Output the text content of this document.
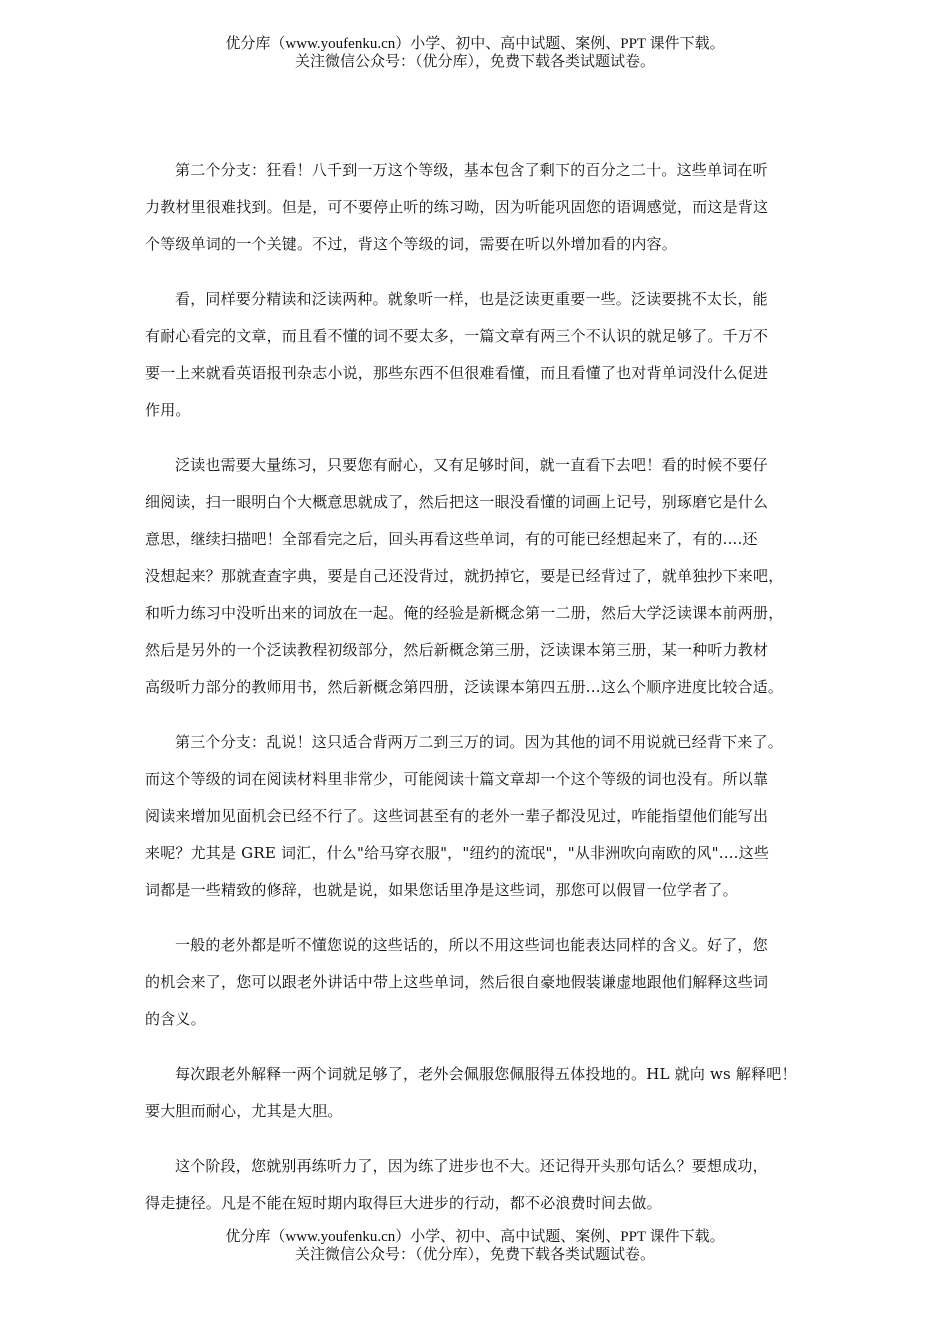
优分库（www.youfenku.cn）小学、初中、高中试题、案例、PPT 课件下载。
关注微信公众号：（优分库），免费下载各类试题试卷。

第二个分支：狂看！八千到一万这个等级，基本包含了剩下的百分之二十。这些单词在听
力教材里很难找到。但是，可不要停止听的练习呦，因为听能巩固您的语调感觉，而这是背这
个等级单词的一个关键。不过，背这个等级的词，需要在听以外增加看的内容。

看，同样要分精读和泛读两种。就象听一样，也是泛读更重要一些。泛读要挑不太长，能
有耐心看完的文章，而且看不懂的词不要太多，一篇文章有两三个不认识的就足够了。千万不
要一上来就看英语报刊杂志小说，那些东西不但很难看懂，而且看懂了也对背单词没什么促进
作用。

泛读也需要大量练习，只要您有耐心，又有足够时间，就一直看下去吧！看的时候不要仔
细阅读，扫一眼明白个大概意思就成了，然后把这一眼没看懂的词画上记号，别琢磨它是什么
意思，继续扫描吧！全部看完之后，回头再看这些单词，有的可能已经想起来了，有的....还
没想起来？那就查查字典，要是自己还没背过，就扔掉它，要是已经背过了，就单独抄下来吧，
和听力练习中没听出来的词放在一起。俺的经验是新概念第一二册，然后大学泛读课本前两册，
然后是另外的一个泛读教程初级部分，然后新概念第三册，泛读课本第三册，某一种听力教材
高级听力部分的教师用书，然后新概念第四册，泛读课本第四五册...这么个顺序进度比较合适。

第三个分支：乱说！这只适合背两万二到三万的词。因为其他的词不用说就已经背下来了。
而这个等级的词在阅读材料里非常少，可能阅读十篇文章却一个这个等级的词也没有。所以靠
阅读来增加见面机会已经不行了。这些词甚至有的老外一辈子都没见过，咋能指望他们能写出
来呢？尤其是 GRE 词汇，什么"给马穿衣服"，"纽约的流氓"，"从非洲吹向南欧的风"....这些
词都是一些精致的修辞，也就是说，如果您话里净是这些词，那您可以假冒一位学者了。

一般的老外都是听不懂您说的这些话的，所以不用这些词也能表达同样的含义。好了，您
的机会来了，您可以跟老外讲话中带上这些单词，然后很自豪地假装谦虚地跟他们解释这些词
的含义。

每次跟老外解释一两个词就足够了，老外会佩服您佩服得五体投地的。HL 就向 ws 解释吧！
要大胆而耐心，尤其是大胆。

这个阶段，您就别再练听力了，因为练了进步也不大。还记得开头那句话么？要想成功，
得走捷径。凡是不能在短时期内取得巨大进步的行动，都不必浪费时间去做。

优分库（www.youfenku.cn）小学、初中、高中试题、案例、PPT 课件下载。
关注微信公众号：（优分库），免费下载各类试题试卷。
